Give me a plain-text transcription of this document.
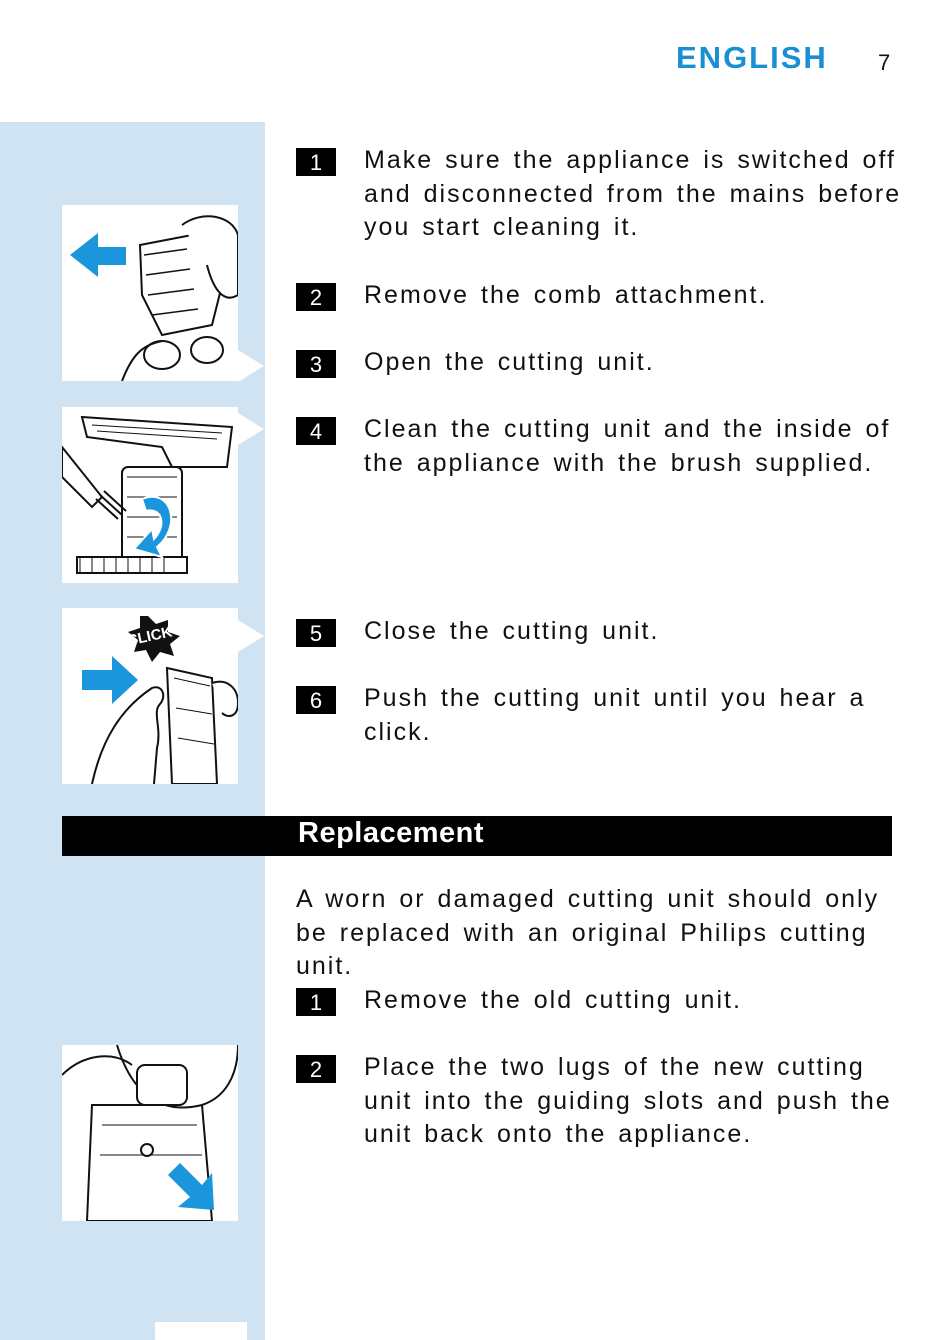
ENGLISH 7
CLICK
1	Make sure the appliance is switched off and disconnected from the mains before you start cleaning it.
2	Remove the comb attachment.
3	Open the cutting unit.
4	Clean the cutting unit and the inside of the appliance with the brush supplied.
5	Close the cutting unit.
6	Push the cutting unit until you hear a click.
Replacement
A worn or damaged cutting unit should only be replaced with an original Philips cutting unit.
1	Remove the old cutting unit.
2	Place the two lugs of the new cutting unit into the guiding slots and push the unit back onto the appliance.
